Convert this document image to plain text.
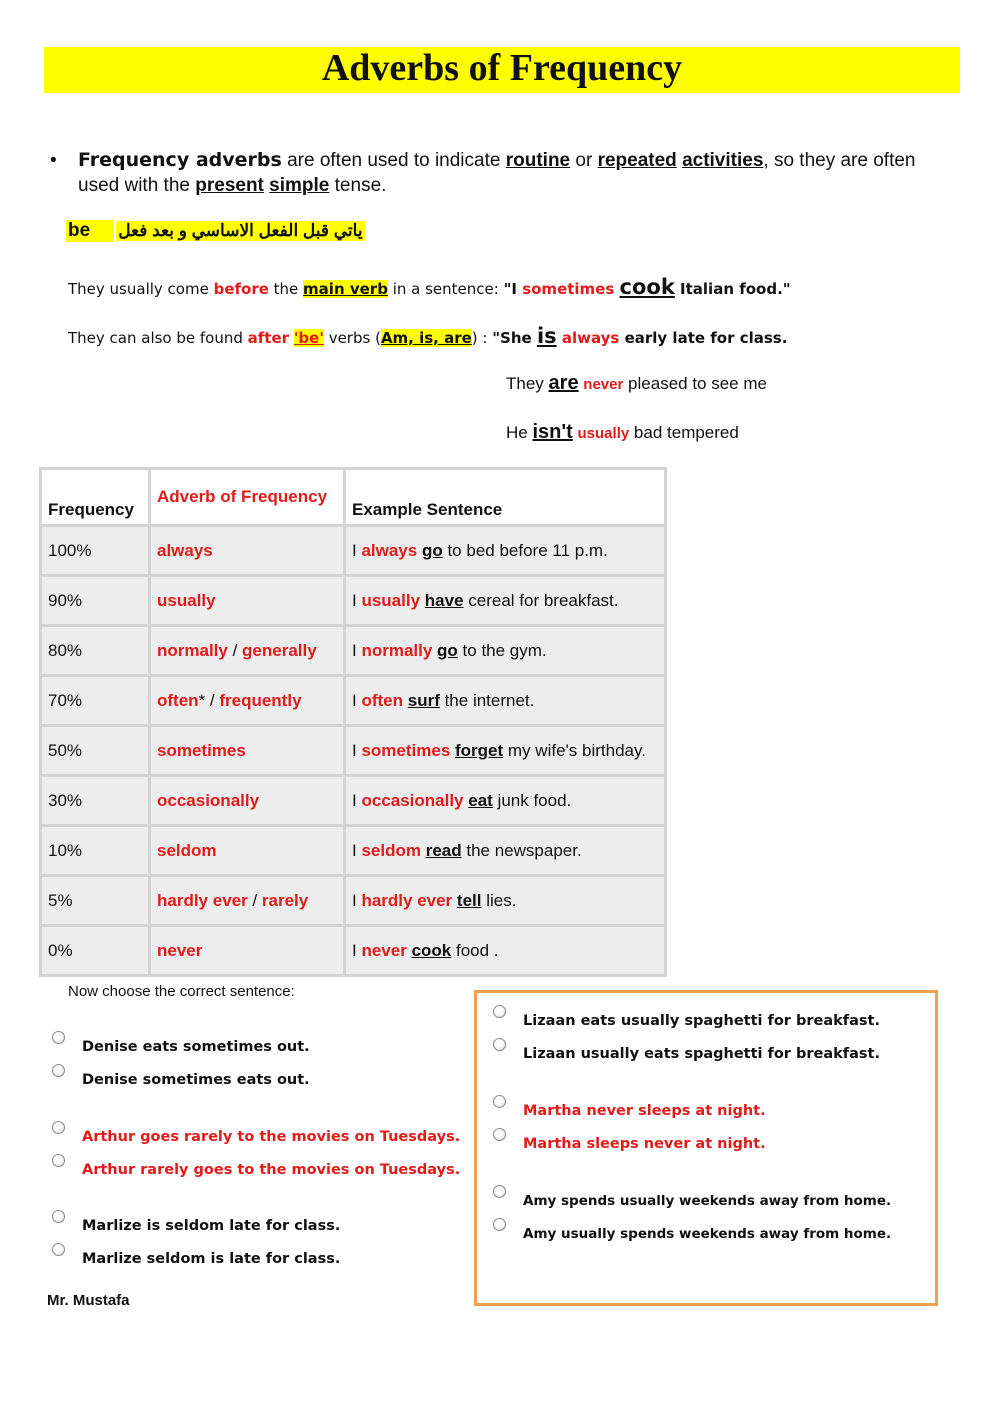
Adverbs of Frequency
• Frequency adverbs are often used to indicate routine or repeated activities, so they are often used with the present simple tense.
be ياتي قبل الفعل الاساسي و بعد فعل
They usually come before the main verb in a sentence: "I sometimes cook Italian food."
They can also be found after 'be' verbs (Am, is, are) : "She is always early late for class.
They are never pleased to see me
He isn't usually bad tempered
Frequency	Adverb of Frequency	Example Sentence
100%	always	I always go to bed before 11 p.m.
90%	usually	I usually have cereal for breakfast.
80%	normally / generally	I normally go to the gym.
70%	often* / frequently	I often surf the internet.
50%	sometimes	I sometimes forget my wife's birthday.
30%	occasionally	I occasionally eat junk food.
10%	seldom	I seldom read the newspaper.
5%	hardly ever / rarely	I hardly ever tell lies.
0%	never	I never cook food .
Now choose the correct sentence:
Denise eats sometimes out.
Denise sometimes eats out.
Arthur goes rarely to the movies on Tuesdays.
Arthur rarely goes to the movies on Tuesdays.
Marlize is seldom late for class.
Marlize seldom is late for class.
Lizaan eats usually spaghetti for breakfast.
Lizaan usually eats spaghetti for breakfast.
Martha never sleeps at night.
Martha sleeps never at night.
Amy spends usually weekends away from home.
Amy usually spends weekends away from home.
Mr. Mustafa
